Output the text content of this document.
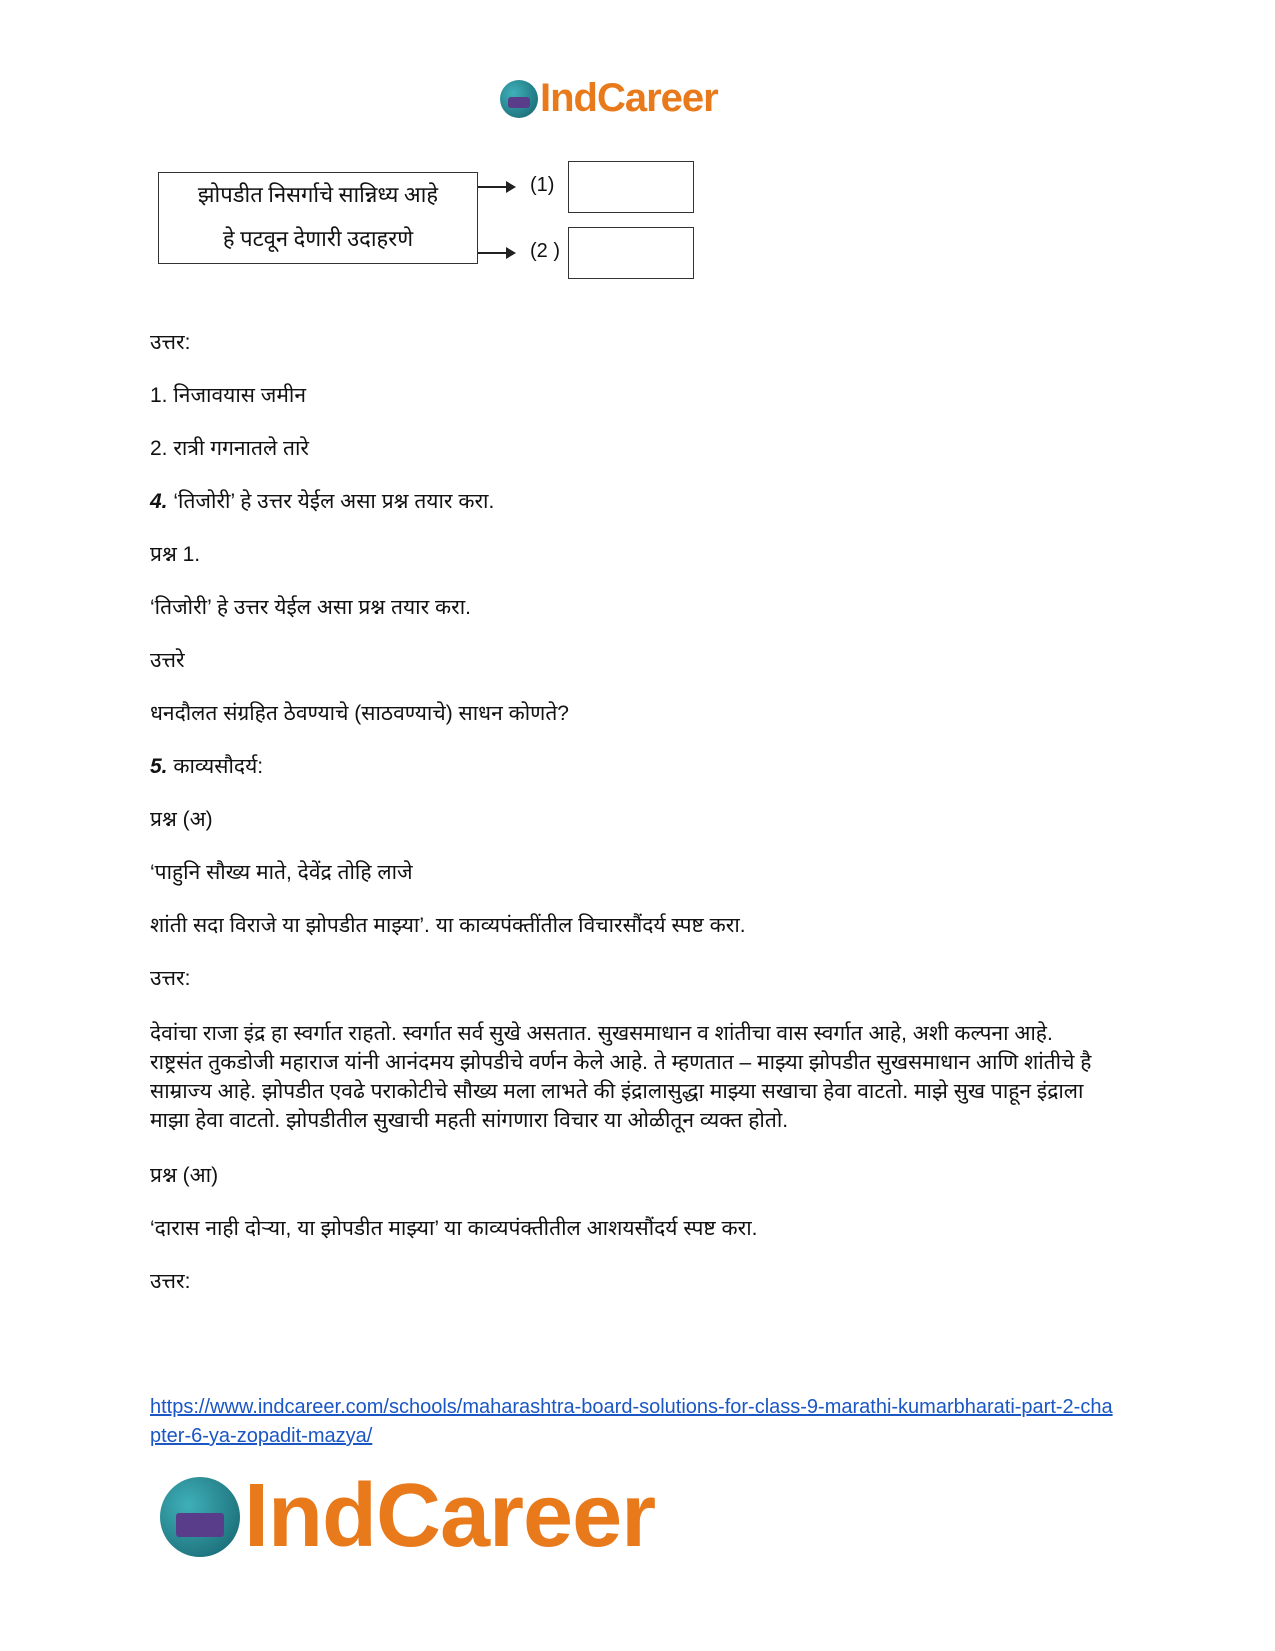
IndCareer
झोपडीत निसर्गाचे सान्निध्य आहे
हे पटवून देणारी उदाहरणे
(1)
(2 )

उत्तर:

1. निजावयास जमीन

2. रात्री गगनातले तारे

4. ‘तिजोरी’ हे उत्तर येईल असा प्रश्न तयार करा.

प्रश्न 1.

‘तिजोरी’ हे उत्तर येईल असा प्रश्न तयार करा.

उत्तरे

धनदौलत संग्रहित ठेवण्याचे (साठवण्याचे) साधन कोणते?

5. काव्यसौदर्य:

प्रश्न (अ)

‘पाहुनि सौख्य माते, देवेंद्र तोहि लाजे

शांती सदा विराजे या झोपडीत माझ्या’. या काव्यपंक्तींतील विचारसौंदर्य स्पष्ट करा.

उत्तर:

देवांचा राजा इंद्र हा स्वर्गात राहतो. स्वर्गात सर्व सुखे असतात. सुखसमाधान व शांतीचा वास स्वर्गात आहे, अशी कल्पना आहे. राष्ट्रसंत तुकडोजी महाराज यांनी आनंदमय झोपडीचे वर्णन केले आहे. ते म्हणतात – माझ्या झोपडीत सुखसमाधान आणि शांतीचे है साम्राज्य आहे. झोपडीत एवढे पराकोटीचे सौख्य मला लाभते की इंद्रालासुद्धा माझ्या सखाचा हेवा वाटतो. माझे सुख पाहून इंद्राला माझा हेवा वाटतो. झोपडीतील सुखाची महती सांगणारा विचार या ओळीतून व्यक्त होतो.

प्रश्न (आ)

‘दारास नाही दोऱ्या, या झोपडीत माझ्या’ या काव्यपंक्तीतील आशयसौंदर्य स्पष्ट करा.

उत्तर:

https://www.indcareer.com/schools/maharashtra-board-solutions-for-class-9-marathi-kumarbharati-part-2-chapter-6-ya-zopadit-mazya/
IndCareer
